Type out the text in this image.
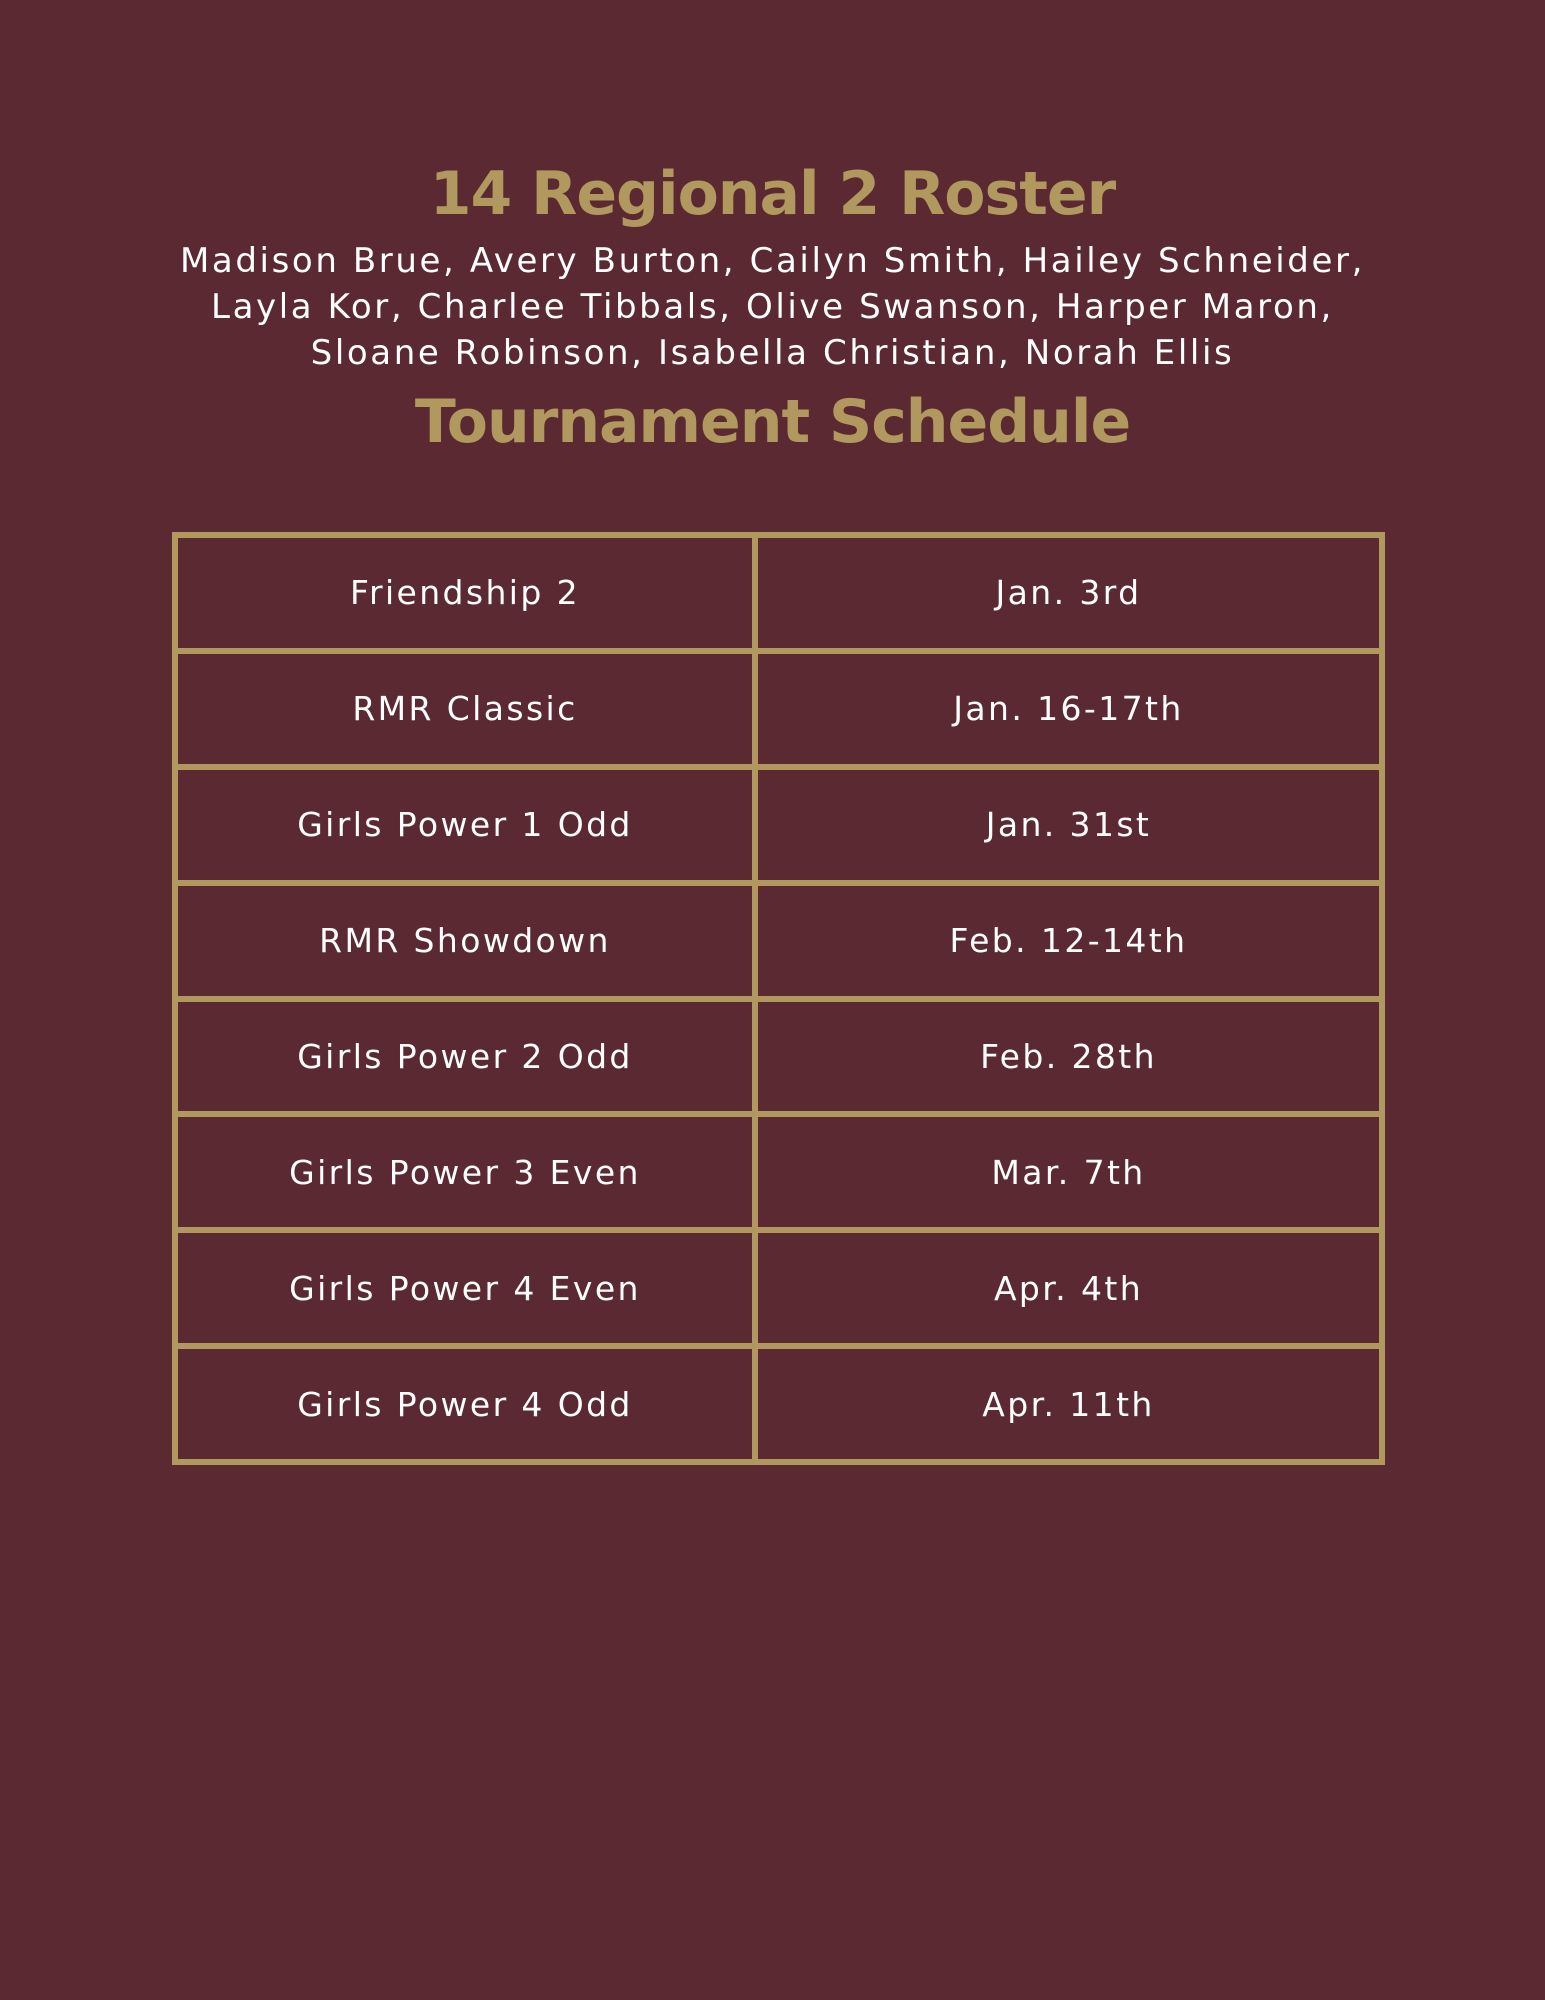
14 Regional 2 Roster

Madison Brue, Avery Burton, Cailyn Smith, Hailey Schneider,
Layla Kor, Charlee Tibbals, Olive Swanson, Harper Maron,
Sloane Robinson, Isabella Christian, Norah Ellis

Tournament Schedule
Friendship 2	Jan. 3rd
RMR Classic	Jan. 16-17th
Girls Power 1 Odd	Jan. 31st
RMR Showdown	Feb. 12-14th
Girls Power 2 Odd	Feb. 28th
Girls Power 3 Even	Mar. 7th
Girls Power 4 Even	Apr. 4th
Girls Power 4 Odd	Apr. 11th
